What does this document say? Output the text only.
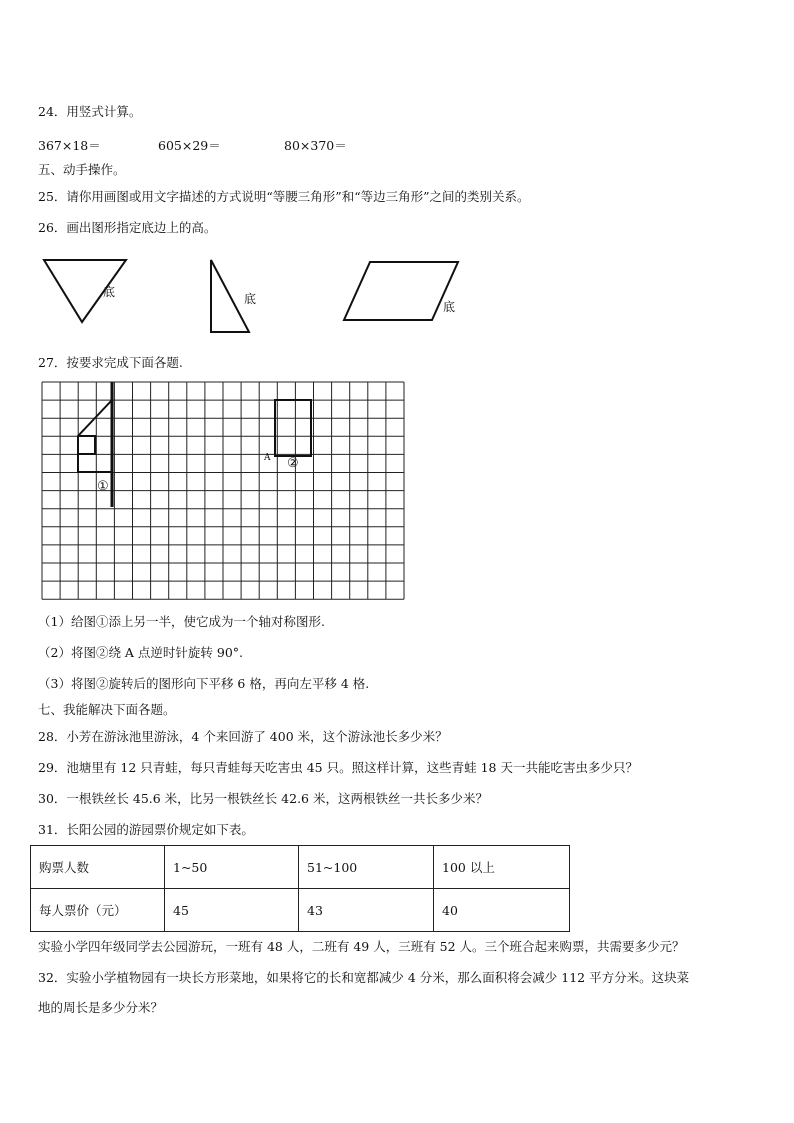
24．用竖式计算。
367×18＝	605×29＝	80×370＝
五、动手操作。
25．请你用画图或用文字描述的方式说明“等腰三角形”和“等边三角形”之间的类别关系。
26．画出图形指定底边上的高。
底	底
底
27．按要求完成下面各题.
①
②
A
（1）给图①添上另一半，使它成为一个轴对称图形.
（2）将图②绕 A 点逆时针旋转 90°.
（3）将图②旋转后的图形向下平移 6 格，再向左平移 4 格.
七、我能解决下面各题。
28．小芳在游泳池里游泳，4 个来回游了 400 米，这个游泳池长多少米？
29．池塘里有 12 只青蛙，每只青蛙每天吃害虫 45 只。照这样计算，这些青蛙 18 天一共能吃害虫多少只？
30．一根铁丝长 45.6 米，比另一根铁丝长 42.6 米，这两根铁丝一共长多少米？
31．长阳公园的游园票价规定如下表。
购票人数	1~50	51~100	100 以上
每人票价（元）	45	43	40
实验小学四年级同学去公园游玩，一班有 48 人，二班有 49 人，三班有 52 人。三个班合起来购票，共需要多少元？
32．实验小学植物园有一块长方形菜地，如果将它的长和宽都减少 4 分米，那么面积将会减少 112 平方分米。这块菜
地的周长是多少分米？
